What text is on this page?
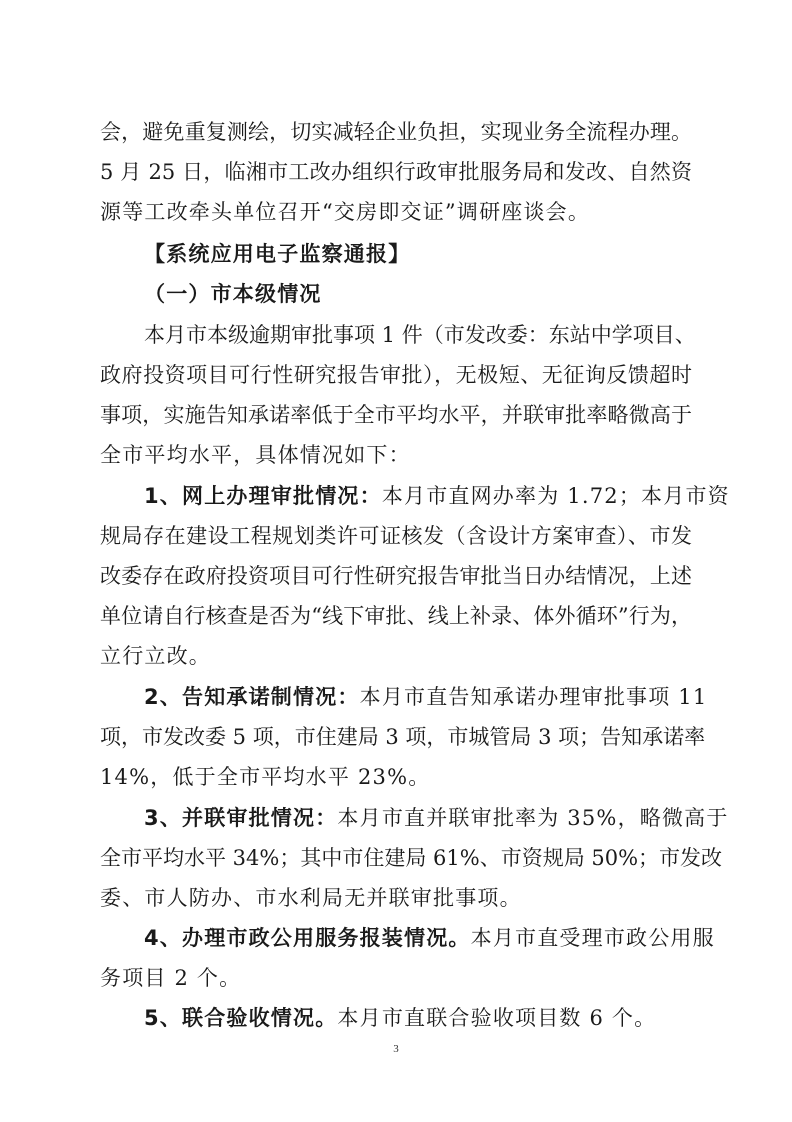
会，避免重复测绘，切实减轻企业负担，实现业务全流程办理。
5 月 25 日，临湘市工改办组织行政审批服务局和发改、自然资
源等工改牵头单位召开“交房即交证”调研座谈会。
【系统应用电子监察通报】
（一）市本级情况
本月市本级逾期审批事项 1 件（市发改委：东站中学项目、
政府投资项目可行性研究报告审批），无极短、无征询反馈超时
事项，实施告知承诺率低于全市平均水平，并联审批率略微高于
全市平均水平，具体情况如下：
1、网上办理审批情况：本月市直网办率为 1.72；本月市资
规局存在建设工程规划类许可证核发（含设计方案审查）、市发
改委存在政府投资项目可行性研究报告审批当日办结情况，上述
单位请自行核查是否为“线下审批、线上补录、体外循环”行为，
立行立改。
2、告知承诺制情况：本月市直告知承诺办理审批事项 11
项，市发改委 5 项，市住建局 3 项，市城管局 3 项；告知承诺率
14%，低于全市平均水平 23%。
3、并联审批情况：本月市直并联审批率为 35%，略微高于
全市平均水平 34%；其中市住建局 61%、市资规局 50%；市发改
委、市人防办、市水利局无并联审批事项。
4、办理市政公用服务报装情况。本月市直受理市政公用服
务项目 2 个。
5、联合验收情况。本月市直联合验收项目数 6 个。
3
